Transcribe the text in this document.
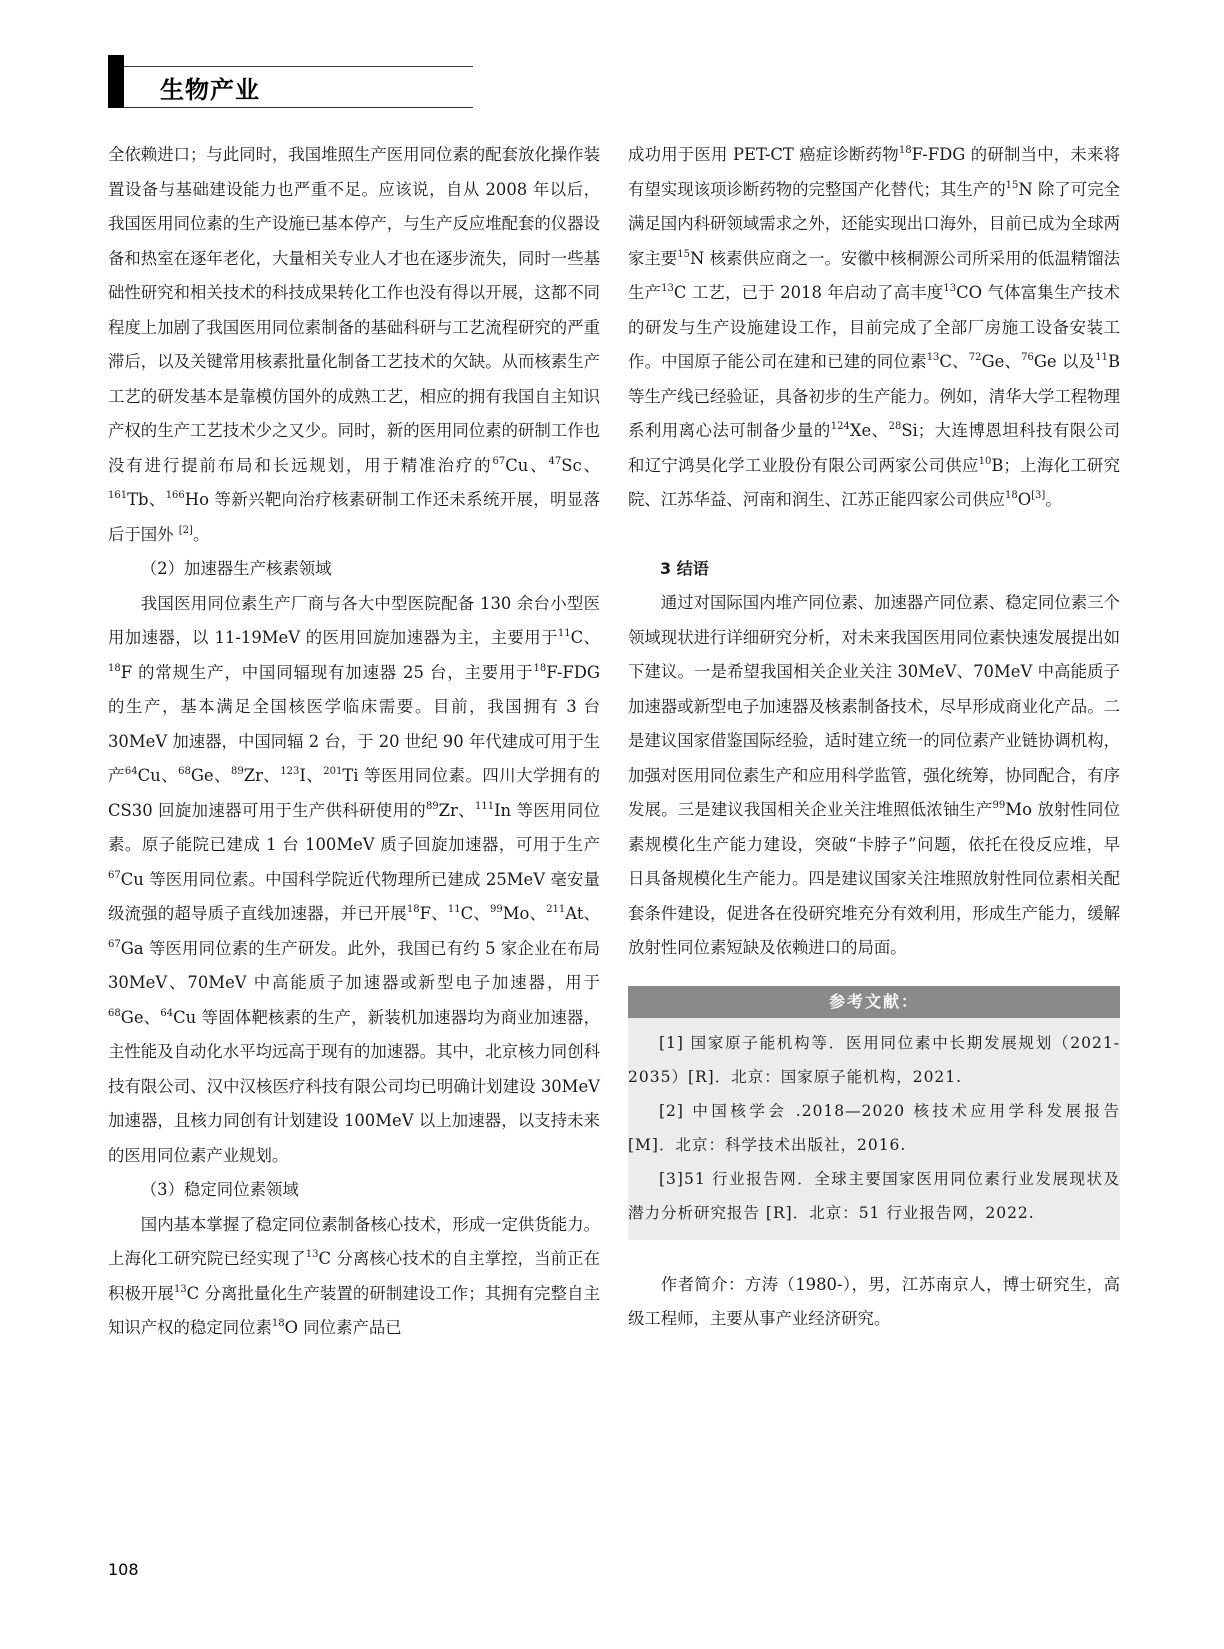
生物产业

全依赖进口；与此同时，我国堆照生产医用同位素的配套放化操作装置设备与基础建设能力也严重不足。应该说，自从 2008 年以后，我国医用同位素的生产设施已基本停产，与生产反应堆配套的仪器设备和热室在逐年老化，大量相关专业人才也在逐步流失，同时一些基础性研究和相关技术的科技成果转化工作也没有得以开展，这都不同程度上加剧了我国医用同位素制备的基础科研与工艺流程研究的严重滞后，以及关键常用核素批量化制备工艺技术的欠缺。从而核素生产工艺的研发基本是靠模仿国外的成熟工艺，相应的拥有我国自主知识产权的生产工艺技术少之又少。同时，新的医用同位素的研制工作也没有进行提前布局和长远规划，用于精准治疗的$^{67}$Cu、$^{47}$Sc、$^{161}$Tb、$^{166}$Ho 等新兴靶向治疗核素研制工作还未系统开展，明显落后于国外 [2]。

（2）加速器生产核素领域

我国医用同位素生产厂商与各大中型医院配备 130 余台小型医用加速器，以 11-19MeV 的医用回旋加速器为主，主要用于$^{11}$C、$^{18}$F 的常规生产，中国同辐现有加速器 25 台，主要用于$^{18}$F-FDG 的生产，基本满足全国核医学临床需要。目前，我国拥有 3 台 30MeV 加速器，中国同辐 2 台，于 20 世纪 90 年代建成可用于生产$^{64}$Cu、$^{68}$Ge、$^{89}$Zr、$^{123}$I、$^{201}$Ti 等医用同位素。四川大学拥有的 CS30 回旋加速器可用于生产供科研使用的$^{89}$Zr、$^{111}$In 等医用同位素。原子能院已建成 1 台 100MeV 质子回旋加速器，可用于生产$^{67}$Cu 等医用同位素。中国科学院近代物理所已建成 25MeV 毫安量级流强的超导质子直线加速器，并已开展$^{18}$F、$^{11}$C、$^{99}$Mo、$^{211}$At、$^{67}$Ga 等医用同位素的生产研发。此外，我国已有约 5 家企业在布局 30MeV、70MeV 中高能质子加速器或新型电子加速器，用于$^{68}$Ge、$^{64}$Cu 等固体靶核素的生产，新装机加速器均为商业加速器，主性能及自动化水平均远高于现有的加速器。其中，北京核力同创科技有限公司、汉中汉核医疗科技有限公司均已明确计划建设 30MeV 加速器，且核力同创有计划建设 100MeV 以上加速器，以支持未来的医用同位素产业规划。

（3）稳定同位素领域

国内基本掌握了稳定同位素制备核心技术，形成一定供货能力。上海化工研究院已经实现了$^{13}$C 分离核心技术的自主掌控，当前正在积极开展$^{13}$C 分离批量化生产装置的研制建设工作；其拥有完整自主知识产权的稳定同位素$^{18}$O 同位素产品已

成功用于医用 PET-CT 癌症诊断药物$^{18}$F-FDG 的研制当中，未来将有望实现该项诊断药物的完整国产化替代；其生产的$^{15}$N 除了可完全满足国内科研领域需求之外，还能实现出口海外，目前已成为全球两家主要$^{15}$N 核素供应商之一。安徽中核桐源公司所采用的低温精馏法生产$^{13}$C 工艺，已于 2018 年启动了高丰度$^{13}$CO 气体富集生产技术的研发与生产设施建设工作，目前完成了全部厂房施工设备安装工作。中国原子能公司在建和已建的同位素$^{13}$C、$^{72}$Ge、$^{76}$Ge 以及$^{11}$B 等生产线已经验证，具备初步的生产能力。例如，清华大学工程物理系利用离心法可制备少量的$^{124}$Xe、$^{28}$Si；大连博恩坦科技有限公司和辽宁鸿昊化学工业股份有限公司两家公司供应$^{10}$B；上海化工研究院、江苏华益、河南和润生、江苏正能四家公司供应$^{18}$O[3]。

3 结语

通过对国际国内堆产同位素、加速器产同位素、稳定同位素三个领域现状进行详细研究分析，对未来我国医用同位素快速发展提出如下建议。一是希望我国相关企业关注 30MeV、70MeV 中高能质子加速器或新型电子加速器及核素制备技术，尽早形成商业化产品。二是建议国家借鉴国际经验，适时建立统一的同位素产业链协调机构，加强对医用同位素生产和应用科学监管，强化统筹，协同配合，有序发展。三是建议我国相关企业关注堆照低浓铀生产$^{99}$Mo 放射性同位素规模化生产能力建设，突破“卡脖子”问题，依托在役反应堆，早日具备规模化生产能力。四是建议国家关注堆照放射性同位素相关配套条件建设，促进各在役研究堆充分有效利用，形成生产能力，缓解放射性同位素短缺及依赖进口的局面。

参考文献：

[1] 国家原子能机构等．医用同位素中长期发展规划（2021-2035）[R]．北京：国家原子能机构，2021.

[2] 中国核学会 .2018—2020 核技术应用学科发展报告 [M]．北京：科学技术出版社，2016.

[3]51 行业报告网．全球主要国家医用同位素行业发展现状及潜力分析研究报告 [R]．北京：51 行业报告网，2022.

作者简介：方涛（1980-），男，江苏南京人，博士研究生，高级工程师，主要从事产业经济研究。

108
